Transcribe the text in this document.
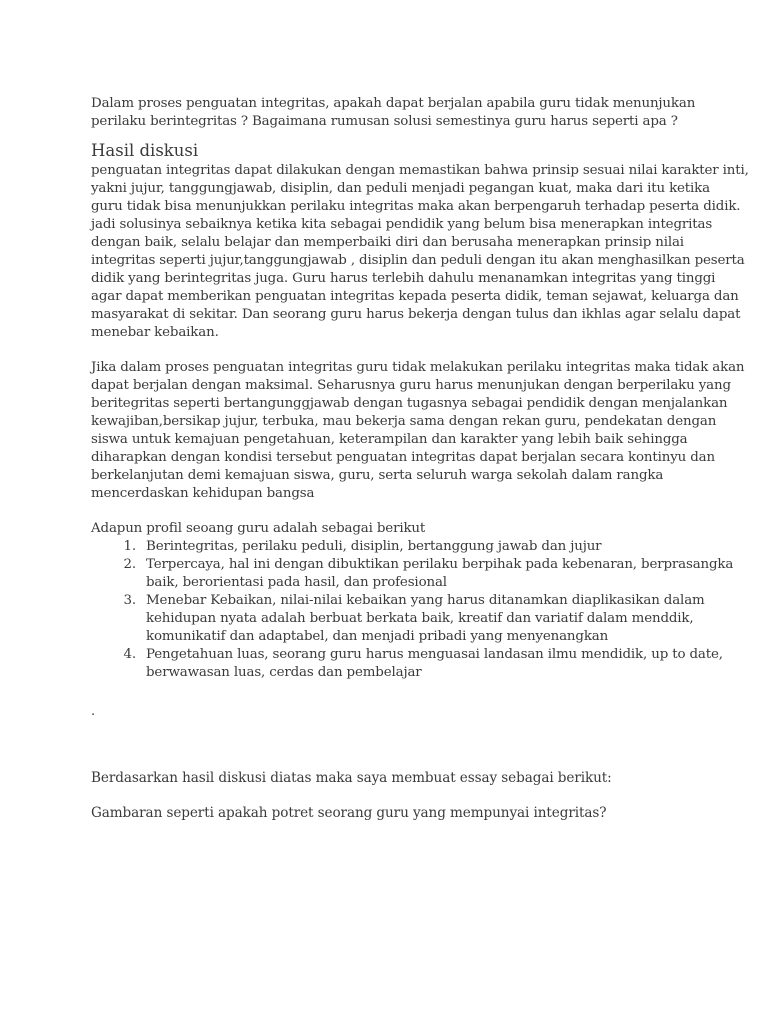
Dalam proses penguatan integritas, apakah dapat berjalan apabila guru tidak menunjukan
perilaku berintegritas ? Bagaimana rumusan solusi semestinya guru harus seperti apa ?
Hasil diskusi
penguatan integritas dapat dilakukan dengan memastikan bahwa prinsip sesuai nilai karakter inti,
yakni jujur, tanggungjawab, disiplin, dan peduli menjadi pegangan kuat, maka dari itu ketika
guru tidak bisa menunjukkan perilaku integritas maka akan berpengaruh terhadap peserta didik.
jadi solusinya sebaiknya ketika kita sebagai pendidik yang belum bisa menerapkan integritas
dengan baik, selalu belajar dan memperbaiki diri dan berusaha menerapkan prinsip nilai
integritas seperti jujur,tanggungjawab , disiplin dan peduli dengan itu akan menghasilkan peserta
didik yang berintegritas juga. Guru harus terlebih dahulu menanamkan integritas yang tinggi
agar dapat memberikan penguatan integritas kepada peserta didik, teman sejawat, keluarga dan
masyarakat di sekitar. Dan seorang guru harus bekerja dengan tulus dan ikhlas agar selalu dapat
menebar kebaikan.
Jika dalam proses penguatan integritas guru tidak melakukan perilaku integritas maka tidak akan
dapat berjalan dengan maksimal. Seharusnya guru harus menunjukan dengan berperilaku yang
beritegritas seperti bertangunggjawab dengan tugasnya sebagai pendidik dengan menjalankan
kewajiban,bersikap jujur, terbuka, mau bekerja sama dengan rekan guru, pendekatan dengan
siswa untuk kemajuan pengetahuan, keterampilan dan karakter yang lebih baik sehingga
diharapkan dengan kondisi tersebut penguatan integritas dapat berjalan secara kontinyu dan
berkelanjutan demi kemajuan siswa, guru, serta seluruh warga sekolah dalam rangka
mencerdaskan kehidupan bangsa
Adapun profil seoang guru adalah sebagai berikut
1. Berintegritas, perilaku peduli, disiplin, bertanggung jawab dan jujur
2. Terpercaya, hal ini dengan dibuktikan perilaku berpihak pada kebenaran, berprasangka
baik, berorientasi pada hasil, dan profesional
3. Menebar Kebaikan, nilai-nilai kebaikan yang harus ditanamkan diaplikasikan dalam
kehidupan nyata adalah berbuat berkata baik, kreatif dan variatif dalam menddik,
komunikatif dan adaptabel, dan menjadi pribadi yang menyenangkan
4. Pengetahuan luas, seorang guru harus menguasai landasan ilmu mendidik, up to date,
berwawasan luas, cerdas dan pembelajar
.
Berdasarkan hasil diskusi diatas maka saya membuat essay sebagai berikut:
Gambaran seperti apakah potret seorang guru yang mempunyai integritas?
